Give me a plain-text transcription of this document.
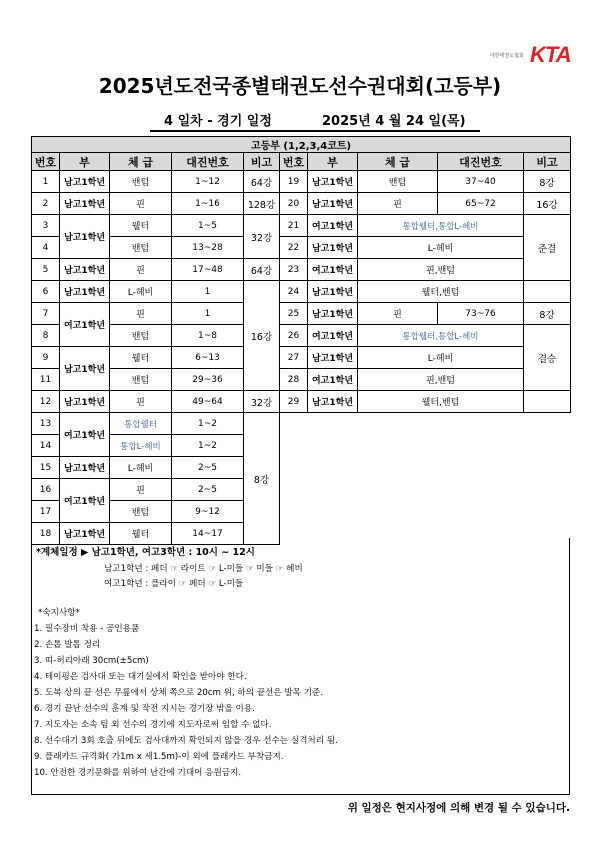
대한태권도협회 KTA
2025년도전국종별태권도선수권대회(고등부)
4 일차 - 경기 일정	2025년 4 월 24 일(목)
고등부 (1,2,3,4코트)									
번호	부	체 급	대진번호	비고	번호	부	체 급	대진번호	비고
1	남고1학년	밴텀	1~12	64강	19	남고1학년	밴텀	37~40	8강
2	남고1학년	핀	1~16	128강	20	남고1학년	핀	65~72	16강
3	남고1학년	웰터	1~5	32강	21	여고1학년	통합웰터,통합L-헤비		준결
4		밴텀	13~28		22	남고1학년	L-헤비		
5	남고1학년	핀	17~48	64강	23	여고1학년	핀,밴텀		
6	남고1학년	L-헤비	1	16강	24	남고1학년	웰터,밴텀		
7	여고1학년	핀	1		25	남고1학년	핀	73~76	8강
8		밴텀	1~8		26	여고1학년	통합웰터,통합L-헤비		결승
9	남고1학년	웰터	6~13		27	남고1학년	L-헤비		
11		밴텀	29~36		28	여고1학년	핀,밴텀		
12	남고1학년	핀	49~64	32강	29	남고1학년	웰터,밴텀		
13	여고1학년	통합웰터	1~2	8강					
14		통합L-헤비	1~2						
15	남고1학년	L-헤비	2~5						
16	여고1학년	핀	2~5						
17		밴텀	9~12						
18	남고1학년	웰터	14~17						
*계체일정 ▶ 남고1학년, 여고3학년 : 10시 ~ 12시
남고1학년 : 페더 ☞ 라이트 ☞ L-미들 ☞ 미들 ☞ 헤비
여고1학년 : 플라이 ☞ 페더 ☞ L-미들
*숙지사항*
1. 필수장비 착용 - 공인용품
2. 손톱 발톱 정리
3. 띠-허리아래 30cm(±5cm)
4. 테이핑은 검사대 또는 대기실에서 확인을 받아야 한다.
5. 도복 상의 끝 선은 무릎에서 상체 쪽으로 20cm 위, 하의 끝선은 발목 기준.
6. 경기 끝난 선수의 훈계 및 작전 지시는 경기장 밖을 이용.
7. 지도자는 소속 팀 외 선수의 경기에 지도자로써 임할 수 없다.
8. 선수대기 3회 호출 뒤에도 검사대까지 확인되지 않을 경우 선수는 실격처리 됨.
9. 플래카드 규격화( 가1m x 세1.5m)-이 외에 플래카드 부착금지.
10. 안전한 경기문화를 위하여 난간에 기대어 응원금지.
위 일정은 현지사정에 의해 변경 될 수 있습니다.
